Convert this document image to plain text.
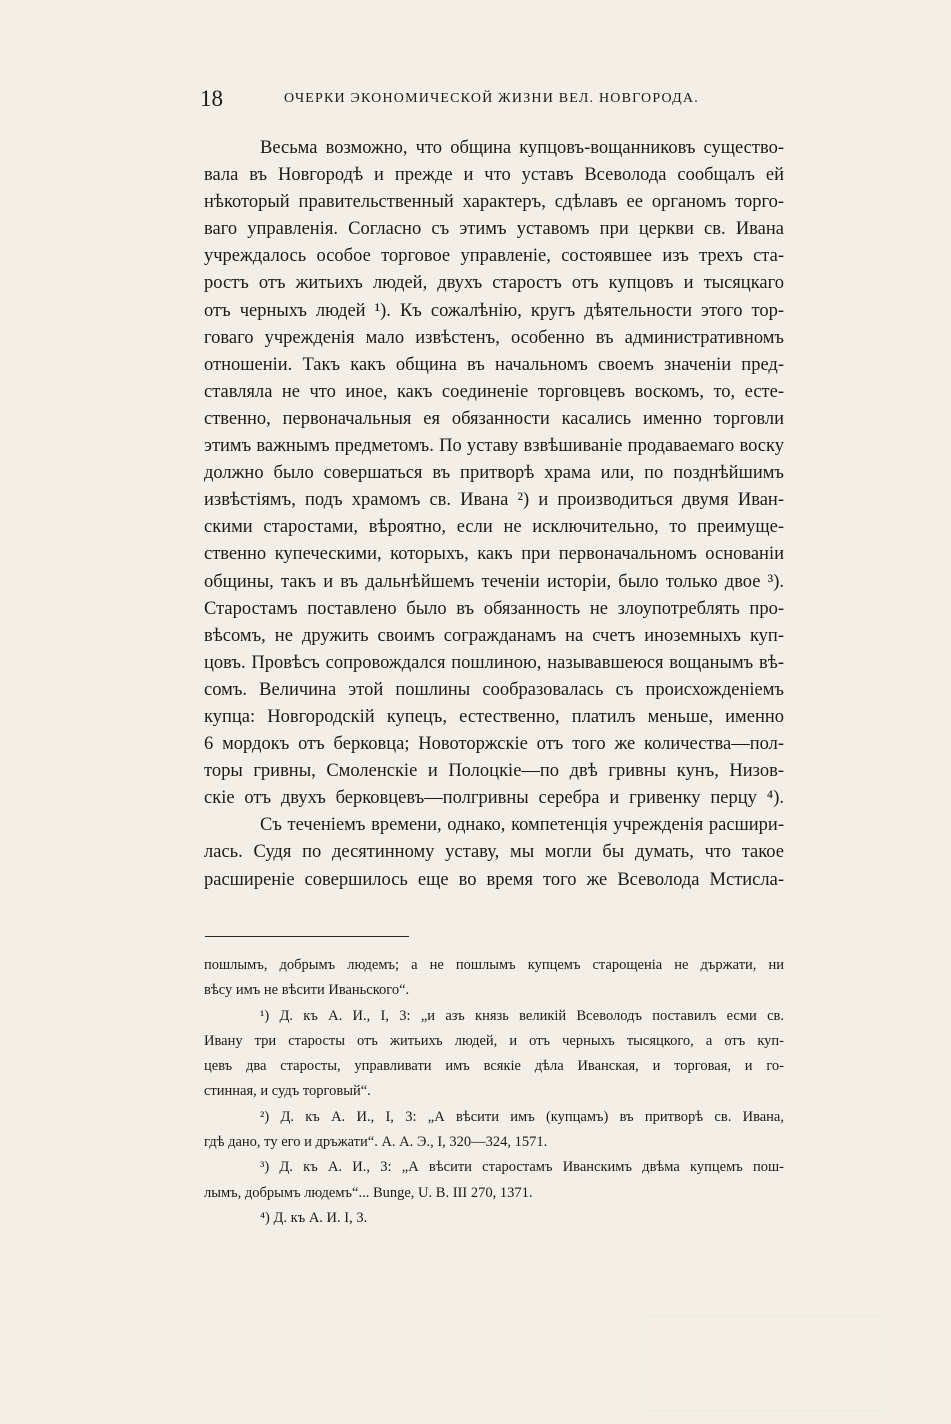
18	ОЧЕРКИ ЭКОНОМИЧЕСКОЙ ЖИЗНИ ВЕЛ. НОВГОРОДА.
Весьма возможно, что община купцовъ-вощанниковъ существо-
вала въ Новгородѣ и прежде и что уставъ Всеволода сообщалъ ей
нѣкоторый правительственный характеръ, сдѣлавъ ее органомъ торго-
ваго управленія. Согласно съ этимъ уставомъ при церкви св. Ивана
учреждалось особое торговое управленіе, состоявшее изъ трехъ ста-
ростъ отъ житьихъ людей, двухъ старостъ отъ купцовъ и тысяцкаго
отъ черныхъ людей ¹). Къ сожалѣнію, кругъ дѣятельности этого тор-
говаго учрежденія мало извѣстенъ, особенно въ административномъ
отношеніи. Такъ какъ община въ начальномъ своемъ значеніи пред-
ставляла не что иное, какъ соединеніе торговцевъ воскомъ, то, есте-
ственно, первоначальныя ея обязанности касались именно торговли
этимъ важнымъ предметомъ. По уставу взвѣшиваніе продаваемаго воску
должно было совершаться въ притворѣ храма или, по позднѣйшимъ
извѣстіямъ, подъ храмомъ св. Ивана ²) и производиться двумя Иван-
скими старостами, вѣроятно, если не исключительно, то преимуще-
ственно купеческими, которыхъ, какъ при первоначальномъ основаніи
общины, такъ и въ дальнѣйшемъ теченіи исторіи, было только двое ³).
Старостамъ поставлено было въ обязанность не злоупотреблять про-
вѣсомъ, не дружить своимъ согражданамъ на счетъ иноземныхъ куп-
цовъ. Провѣсъ сопровождался пошлиною, называвшеюся вощанымъ вѣ-
сомъ. Величина этой пошлины сообразовалась съ происхожденіемъ
купца: Новгородскій купецъ, естественно, платилъ меньше, именно
6 мордокъ отъ берковца; Новоторжскіе отъ того же количества—пол-
торы гривны, Смоленскіе и Полоцкіе—по двѣ гривны кунъ, Низов-
скіе отъ двухъ берковцевъ—полгривны серебра и гривенку перцу ⁴).
Съ теченіемъ времени, однако, компетенція учрежденія расшири-
лась. Судя по десятинному уставу, мы могли бы думать, что такое
расширеніе совершилось еще во время того же Всеволода Мстисла-
пошлымъ, добрымъ людемъ; а не пошлымъ купцемъ старощеніа не държати, ни
вѣсу имъ не вѣсити Иваньского“.
¹) Д. къ А. И., I, 3: „и азъ князь великій Всеволодъ поставилъ есми св.
Ивану три старосты отъ житьихъ людей, и отъ черныхъ тысяцкого, а отъ куп-
цевъ два старосты, управливати имъ всякіе дѣла Иванская, и торговая, и го-
стинная, и судъ торговый“.
²) Д. къ А. И., I, 3: „А вѣсити имъ (купцамъ) въ притворѣ св. Ивана,
гдѣ дано, ту его и дръжати“. А. А. Э., I, 320—324, 1571.
³) Д. къ А. И., 3: „А вѣсити старостамъ Иванскимъ двѣма купцемъ пош-
лымъ, добрымъ людемъ“... Bunge, U. B. III 270, 1371.
⁴) Д. къ А. И. I, 3.
